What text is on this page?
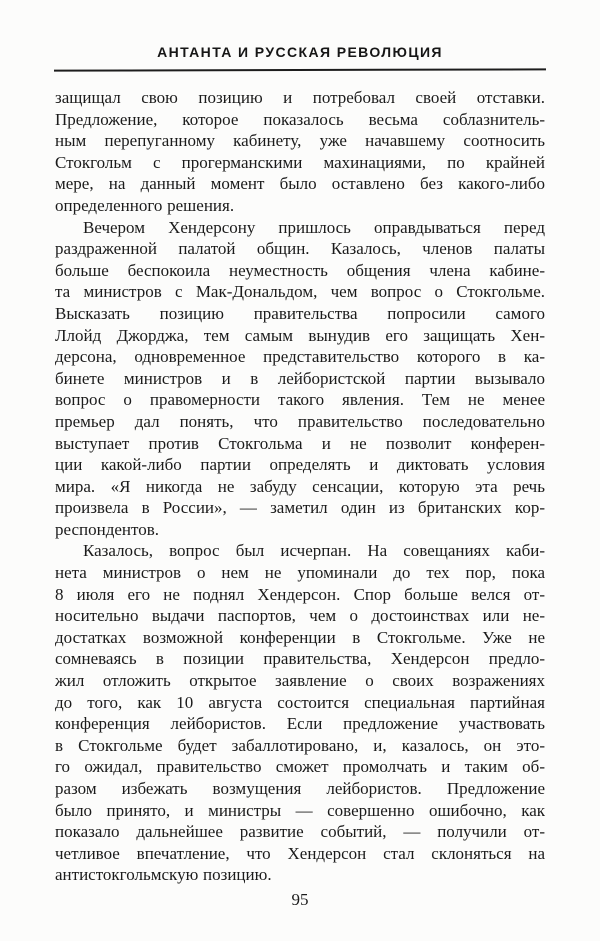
АНТАНТА И РУССКАЯ РЕВОЛЮЦИЯ
защищал свою позицию и потребовал своей отставки.
Предложение, которое показалось весьма соблазнитель-
ным перепуганному кабинету, уже начавшему соотносить
Стокгольм с прогерманскими махинациями, по крайней
мере, на данный момент было оставлено без какого-либо
определенного решения.
Вечером Хендерсону пришлось оправдываться перед
раздраженной палатой общин. Казалось, членов палаты
больше беспокоила неуместность общения члена кабине-
та министров с Мак-Дональдом, чем вопрос о Стокгольме.
Высказать позицию правительства попросили самого
Ллойд Джорджа, тем самым вынудив его защищать Хен-
дерсона, одновременное представительство которого в ка-
бинете министров и в лейбористской партии вызывало
вопрос о правомерности такого явления. Тем не менее
премьер дал понять, что правительство последовательно
выступает против Стокгольма и не позволит конферен-
ции какой-либо партии определять и диктовать условия
мира. «Я никогда не забуду сенсации, которую эта речь
произвела в России», — заметил один из британских кор-
респондентов.
Казалось, вопрос был исчерпан. На совещаниях каби-
нета министров о нем не упоминали до тех пор, пока
8 июля его не поднял Хендерсон. Спор больше велся от-
носительно выдачи паспортов, чем о достоинствах или не-
достатках возможной конференции в Стокгольме. Уже не
сомневаясь в позиции правительства, Хендерсон предло-
жил отложить открытое заявление о своих возражениях
до того, как 10 августа состоится специальная партийная
конференция лейбористов. Если предложение участвовать
в Стокгольме будет забаллотировано, и, казалось, он это-
го ожидал, правительство сможет промолчать и таким об-
разом избежать возмущения лейбористов. Предложение
было принято, и министры — совершенно ошибочно, как
показало дальнейшее развитие событий, — получили от-
четливое впечатление, что Хендерсон стал склоняться на
антистокгольмскую позицию.
95
